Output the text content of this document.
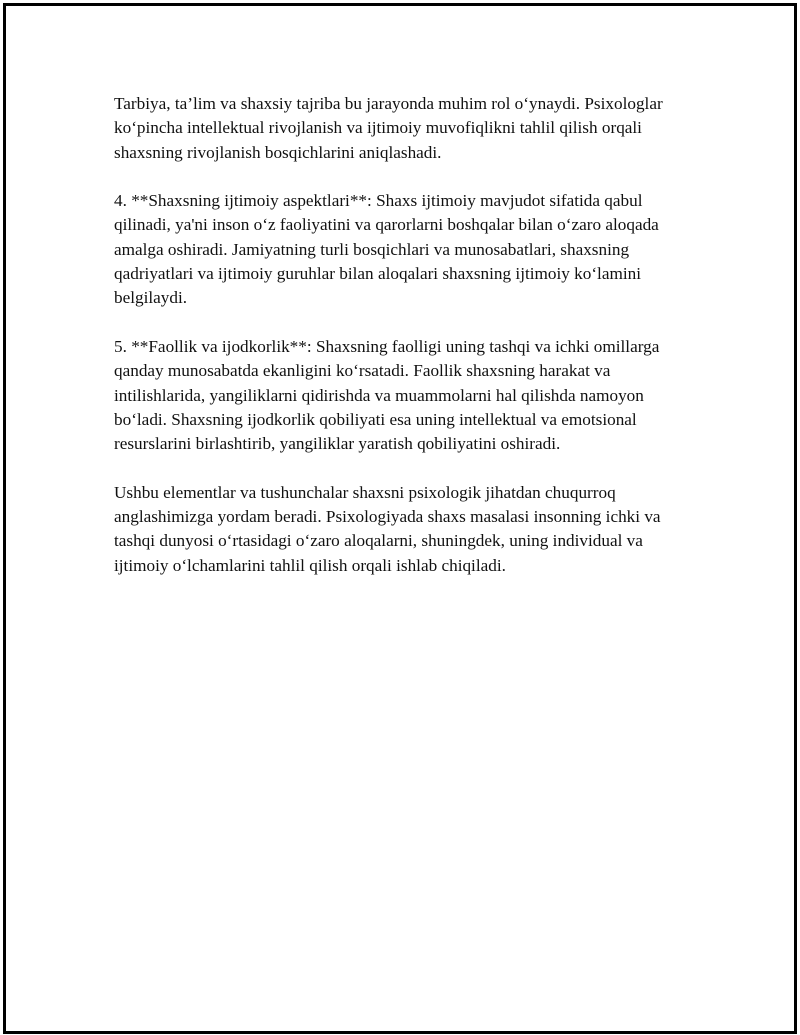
Tarbiya, ta’lim va shaxsiy tajriba bu jarayonda muhim rol o‘ynaydi. Psixologlar ko‘pincha intellektual rivojlanish va ijtimoiy muvofiqlikni tahlil qilish orqali shaxsning rivojlanish bosqichlarini aniqlashadi.

4. **Shaxsning ijtimoiy aspektlari**: Shaxs ijtimoiy mavjudot sifatida qabul qilinadi, ya'ni inson o‘z faoliyatini va qarorlarni boshqalar bilan o‘zaro aloqada amalga oshiradi. Jamiyatning turli bosqichlari va munosabatlari, shaxsning qadriyatlari va ijtimoiy guruhlar bilan aloqalari shaxsning ijtimoiy ko‘lamini belgilaydi.

5. **Faollik va ijodkorlik**: Shaxsning faolligi uning tashqi va ichki omillarga qanday munosabatda ekanligini ko‘rsatadi. Faollik shaxsning harakat va intilishlarida, yangiliklarni qidirishda va muammolarni hal qilishda namoyon bo‘ladi. Shaxsning ijodkorlik qobiliyati esa uning intellektual va emotsional resurslarini birlashtirib, yangiliklar yaratish qobiliyatini oshiradi.

Ushbu elementlar va tushunchalar shaxsni psixologik jihatdan chuqurroq anglashimizga yordam beradi. Psixologiyada shaxs masalasi insonning ichki va tashqi dunyosi o‘rtasidagi o‘zaro aloqalarni, shuningdek, uning individual va ijtimoiy o‘lchamlarini tahlil qilish orqali ishlab chiqiladi.
